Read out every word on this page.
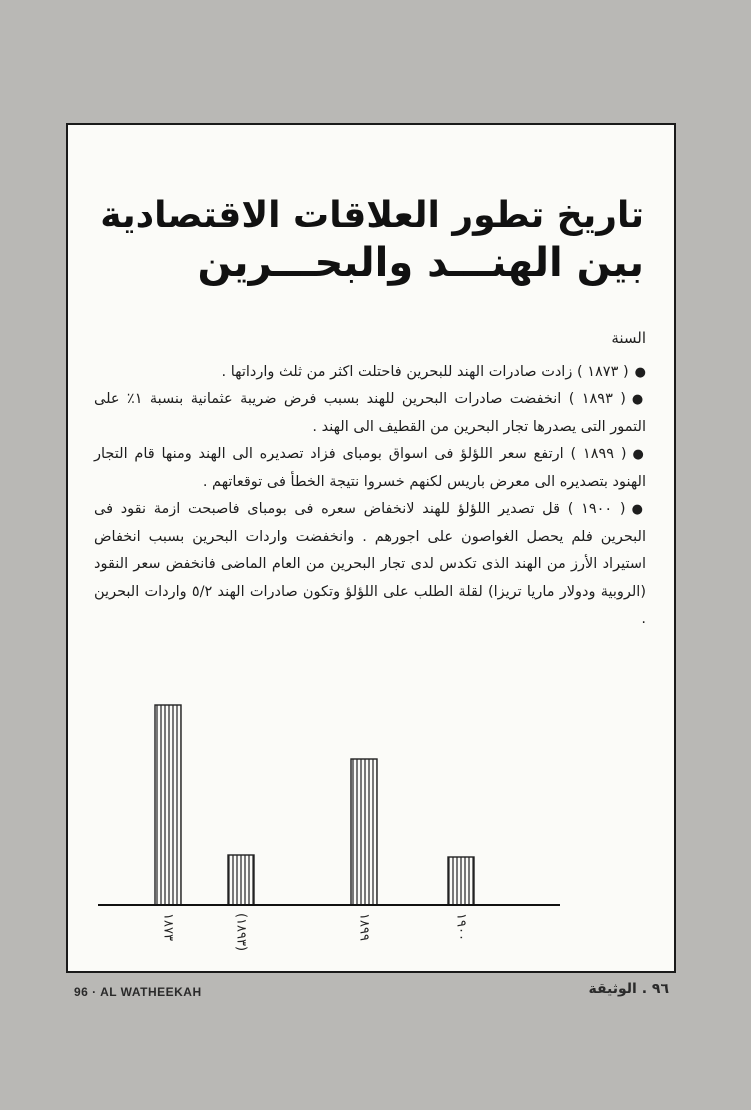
تاريخ تطور العلاقات الاقتصادية
بين الهنـــد والبحـــرين
السنة

●( ١٨٧٣ ) زادت صادرات الهند للبحرين فاحتلت اكثر من ثلث وارداتها .

●( ١٨٩٣ ) انخفضت صادرات البحرين للهند بسبب فرض ضريبة عثمانية بنسبة ١٪ على التمور التى يصدرها تجار البحرين من القطيف الى الهند .

●( ١٨٩٩ ) ارتفع سعر اللؤلؤ فى اسواق بومباى فزاد تصديره الى الهند ومنها قام التجار الهنود بتصديره الى معرض باريس لكنهم خسروا نتيجة الخطأ فى توقعاتهم .

●( ١٩٠٠ ) قل تصدير اللؤلؤ للهند لانخفاض سعره فى بومباى فاصبحت ازمة نقود فى البحرين فلم يحصل الغواصون على اجورهم . وانخفضت واردات البحرين بسبب انخفاض استيراد الأرز من الهند الذى تكدس لدى تجار البحرين من العام الماضى فانخفض سعر النقود (الروبية ودولار ماريا تريزا) لقلة الطلب على اللؤلؤ وتكون صادرات الهند ٥/٢ واردات البحرين .

١٨٧٣	(١٨٩٣)
١٨٩٩	١٩٠٠
96 · AL WATHEEKAH	٩٦ . الوثيقة
